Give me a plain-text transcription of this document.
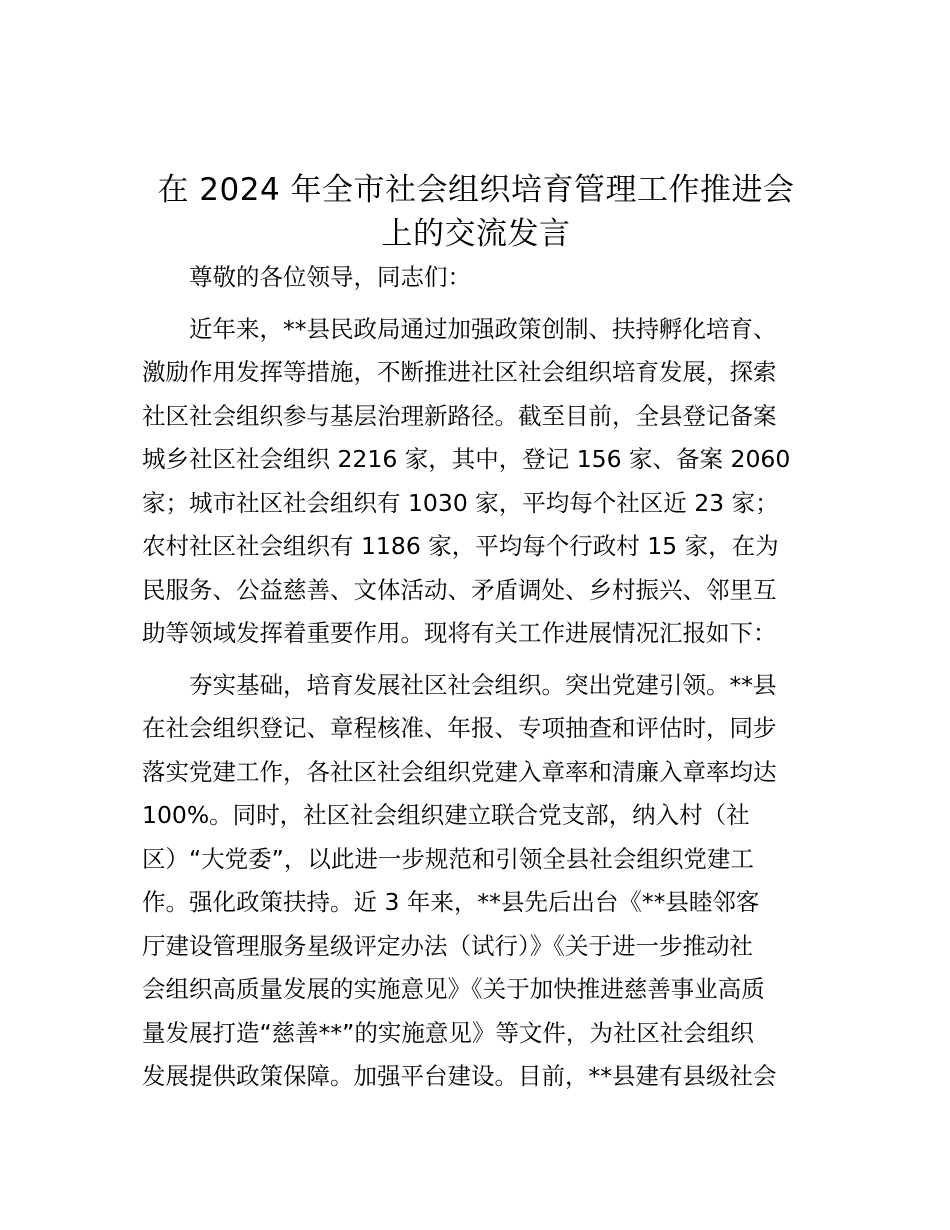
在 2024 年全市社会组织培育管理工作推进会
上的交流发言

尊敬的各位领导，同志们：

近年来，**县民政局通过加强政策创制、扶持孵化培育、
激励作用发挥等措施，不断推进社区社会组织培育发展，探索
社区社会组织参与基层治理新路径。截至目前，全县登记备案
城乡社区社会组织 2216 家，其中，登记 156 家、备案 2060
家；城市社区社会组织有 1030 家，平均每个社区近 23 家；
农村社区社会组织有 1186 家，平均每个行政村 15 家，在为
民服务、公益慈善、文体活动、矛盾调处、乡村振兴、邻里互
助等领域发挥着重要作用。现将有关工作进展情况汇报如下：

夯实基础，培育发展社区社会组织。突出党建引领。**县
在社会组织登记、章程核准、年报、专项抽查和评估时，同步
落实党建工作，各社区社会组织党建入章率和清廉入章率均达
100%。同时，社区社会组织建立联合党支部，纳入村（社
区）“大党委”，以此进一步规范和引领全县社会组织党建工
作。强化政策扶持。近 3 年来，**县先后出台《**县睦邻客
厅建设管理服务星级评定办法（试行）》《关于进一步推动社
会组织高质量发展的实施意见》《关于加快推进慈善事业高质
量发展打造“慈善**”的实施意见》等文件，为社区社会组织
发展提供政策保障。加强平台建设。目前，**县建有县级社会
